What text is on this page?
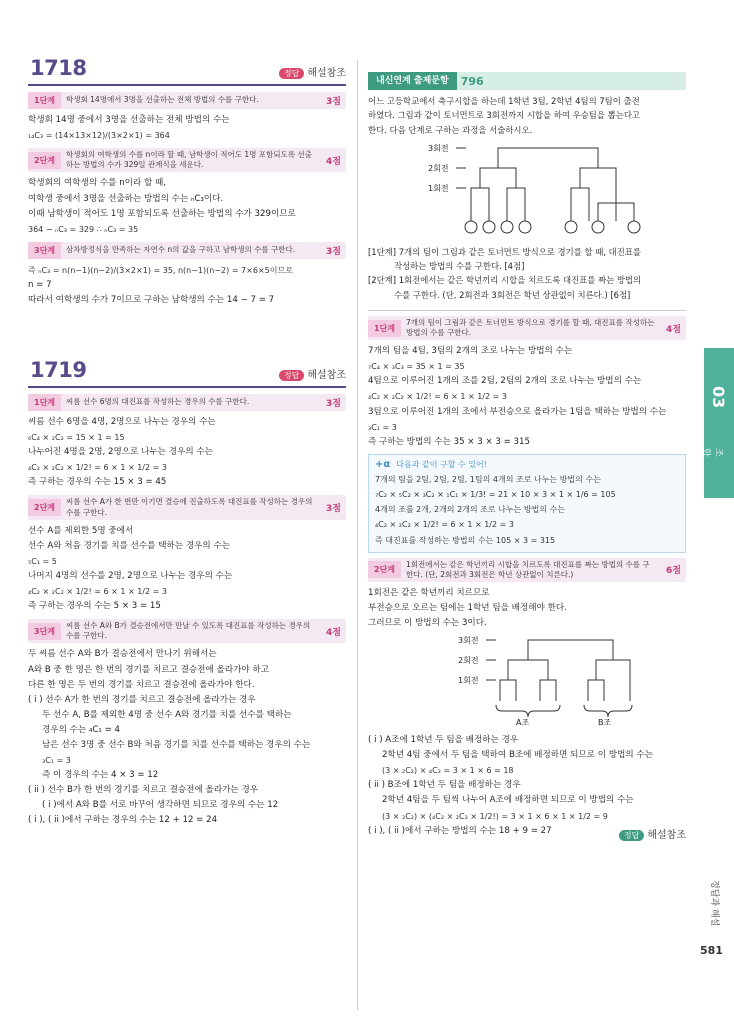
1718	정답 해설참조
1단계	학생회 14명에서 3명을 선출하는 전체 방법의 수를 구한다.	3점
학생회 14명 중에서 3명을 선출하는 전체 방법의 수는
₁₄C₃ = (14×13×12)/(3×2×1) = 364
2단계
학생회의 여학생의 수를 n이라 할 때, 남학생이 적어도 1명 포함되도록 선출하는 방법의 수가 329일 관계식을 세운다.	4점
학생회의 여학생의 수를 n이라 할 때,
여학생 중에서 3명을 선출하는 방법의 수는 ₙC₃이다.
이때 남학생이 적어도 1명 포함되도록 선출하는 방법의 수가 329이므로
364 − ₙC₃ = 329 ∴ ₙC₃ = 35
3단계	삼차방정식을 만족하는 자연수 n의 값을 구하고 남학생의 수를 구한다.	3점
즉 ₙC₃ = n(n−1)(n−2)/(3×2×1) = 35, n(n−1)(n−2) = 7×6×5이므로
n = 7
따라서 여학생의 수가 7이므로 구하는 남학생의 수는 14 − 7 = 7
1719	정답 해설참조
1단계	씨름 선수 6명의 대진표를 작성하는 경우의 수를 구한다.	3점
씨름 선수 6명을 4명, 2명으로 나누는 경우의 수는
₆C₄ × ₂C₂ = 15 × 1 = 15
나누어진 4명을 2명, 2명으로 나누는 경우의 수는
₄C₂ × ₂C₂ × 1/2! = 6 × 1 × 1/2 = 3
즉 구하는 경우의 수는 15 × 3 = 45
2단계
씨름 선수 A가 한 번만 이기면 결승에 진출하도록 대진표를 작성하는 경우의 수를 구한다.	3점
선수 A를 제외한 5명 중에서
선수 A와 처음 경기를 치를 선수를 택하는 경우의 수는
₅C₁ = 5
나머지 4명의 선수를 2명, 2명으로 나누는 경우의 수는
₄C₂ × ₂C₂ × 1/2! = 6 × 1 × 1/2 = 3
즉 구하는 경우의 수는 5 × 3 = 15
3단계
씨름 선수 A와 B가 결승전에서만 만날 수 있도록 대진표를 작성하는 경우의 수를 구한다.	4점
두 씨름 선수 A와 B가 결승전에서 만나기 위해서는
A와 B 중 한 명은 한 번의 경기를 치르고 결승전에 올라가야 하고
다른 한 명은 두 번의 경기를 치르고 결승전에 올라가야 한다.
( i ) 선수 A가 한 번의 경기를 치르고 결승전에 올라가는 경우
두 선수 A, B를 제외한 4명 중 선수 A와 경기를 치를 선수를 택하는
경우의 수는 ₄C₁ = 4
남은 선수 3명 중 선수 B와 처음 경기를 치를 선수를 택하는 경우의 수는
₃C₁ = 3
즉 이 경우의 수는 4 × 3 = 12
( ii ) 선수 B가 한 번의 경기를 치르고 결승전에 올라가는 경우
( i )에서 A와 B를 서로 바꾸어 생각하면 되므로 경우의 수는 12
( i ), ( ii )에서 구하는 경우의 수는 12 + 12 = 24
내신연계 출제문항	796
어느 고등학교에서 축구시합을 하는데 1학년 3팀, 2학년 4팀의 7팀이 출전
하였다. 그림과 같이 토너먼트로 3회전까지 시합을 하여 우승팀을 뽑는다고
한다. 다음 단계로 구하는 과정을 서술하시오.
3회전
2회전
1회전
[1단계] 7개의 팀이 그림과 같은 토너먼트 방식으로 경기를 할 때, 대진표를
작성하는 방법의 수를 구한다. [4점]
[2단계] 1회전에서는 같은 학년끼리 시합을 치르도록 대진표를 짜는 방법의
수를 구한다. (단, 2회전과 3회전은 학년 상관없이 치른다.) [6점]
1단계
7개의 팀이 그림과 같은 토너먼트 방식으로 경기를 할 때, 대진표를 작성하는 방법의 수를 구한다.	4점
7개의 팀을 4팀, 3팀의 2개의 조로 나누는 방법의 수는
₇C₄ × ₃C₃ = 35 × 1 = 35
4팀으로 이루어진 1개의 조를 2팀, 2팀의 2개의 조로 나누는 방법의 수는
₄C₂ × ₂C₂ × 1/2! = 6 × 1 × 1/2 = 3
3팀으로 이루어진 1개의 조에서 부전승으로 올라가는 1팀을 택하는 방법의 수는
₃C₁ = 3
즉 구하는 방법의 수는 35 × 3 × 3 = 315
+α 다음과 같이 구할 수 있어!
7개의 팀을 2팀, 2팀, 2팀, 1팀의 4개의 조로 나누는 방법의 수는
₇C₂ × ₅C₂ × ₃C₂ × ₁C₁ × 1/3! = 21 × 10 × 3 × 1 × 1/6 = 105
4개의 조를 2개, 2개의 2개의 조로 나누는 방법의 수는
₄C₂ × ₂C₂ × 1/2! = 6 × 1 × 1/2 = 3
즉 대진표를 작성하는 방법의 수는 105 × 3 = 315
2단계
1회전에서는 같은 학년끼리 시합을 치르도록 대진표를 짜는 방법의 수를 구한다. (단, 2회전과 3회전은 학년 상관없이 치른다.)	6점
1회전은 같은 학년끼리 치르므로
부전승으로 오르는 팀에는 1학년 팀을 배정해야 한다.
그러므로 이 방법의 수는 3이다.
3회전
2회전
1회전
A조	B조
( i ) A조에 1학년 두 팀을 배정하는 경우
2학년 4팀 중에서 두 팀을 택하여 B조에 배정하면 되므로 이 방법의 수는
(3 × ₂C₂) × ₄C₂ = 3 × 1 × 6 = 18
( ii ) B조에 1학년 두 팀을 배정하는 경우
2학년 4팀을 두 팀씩 나누어 A조에 배정하면 되므로 이 방법의 수는
(3 × ₂C₂) × (₄C₂ × ₂C₂ × 1/2!) = 3 × 1 × 6 × 1 × 1/2 = 9
( i ), ( ii )에서 구하는 방법의 수는 18 + 9 = 27	정답 해설참조
03
조합
정답과 해설
581
